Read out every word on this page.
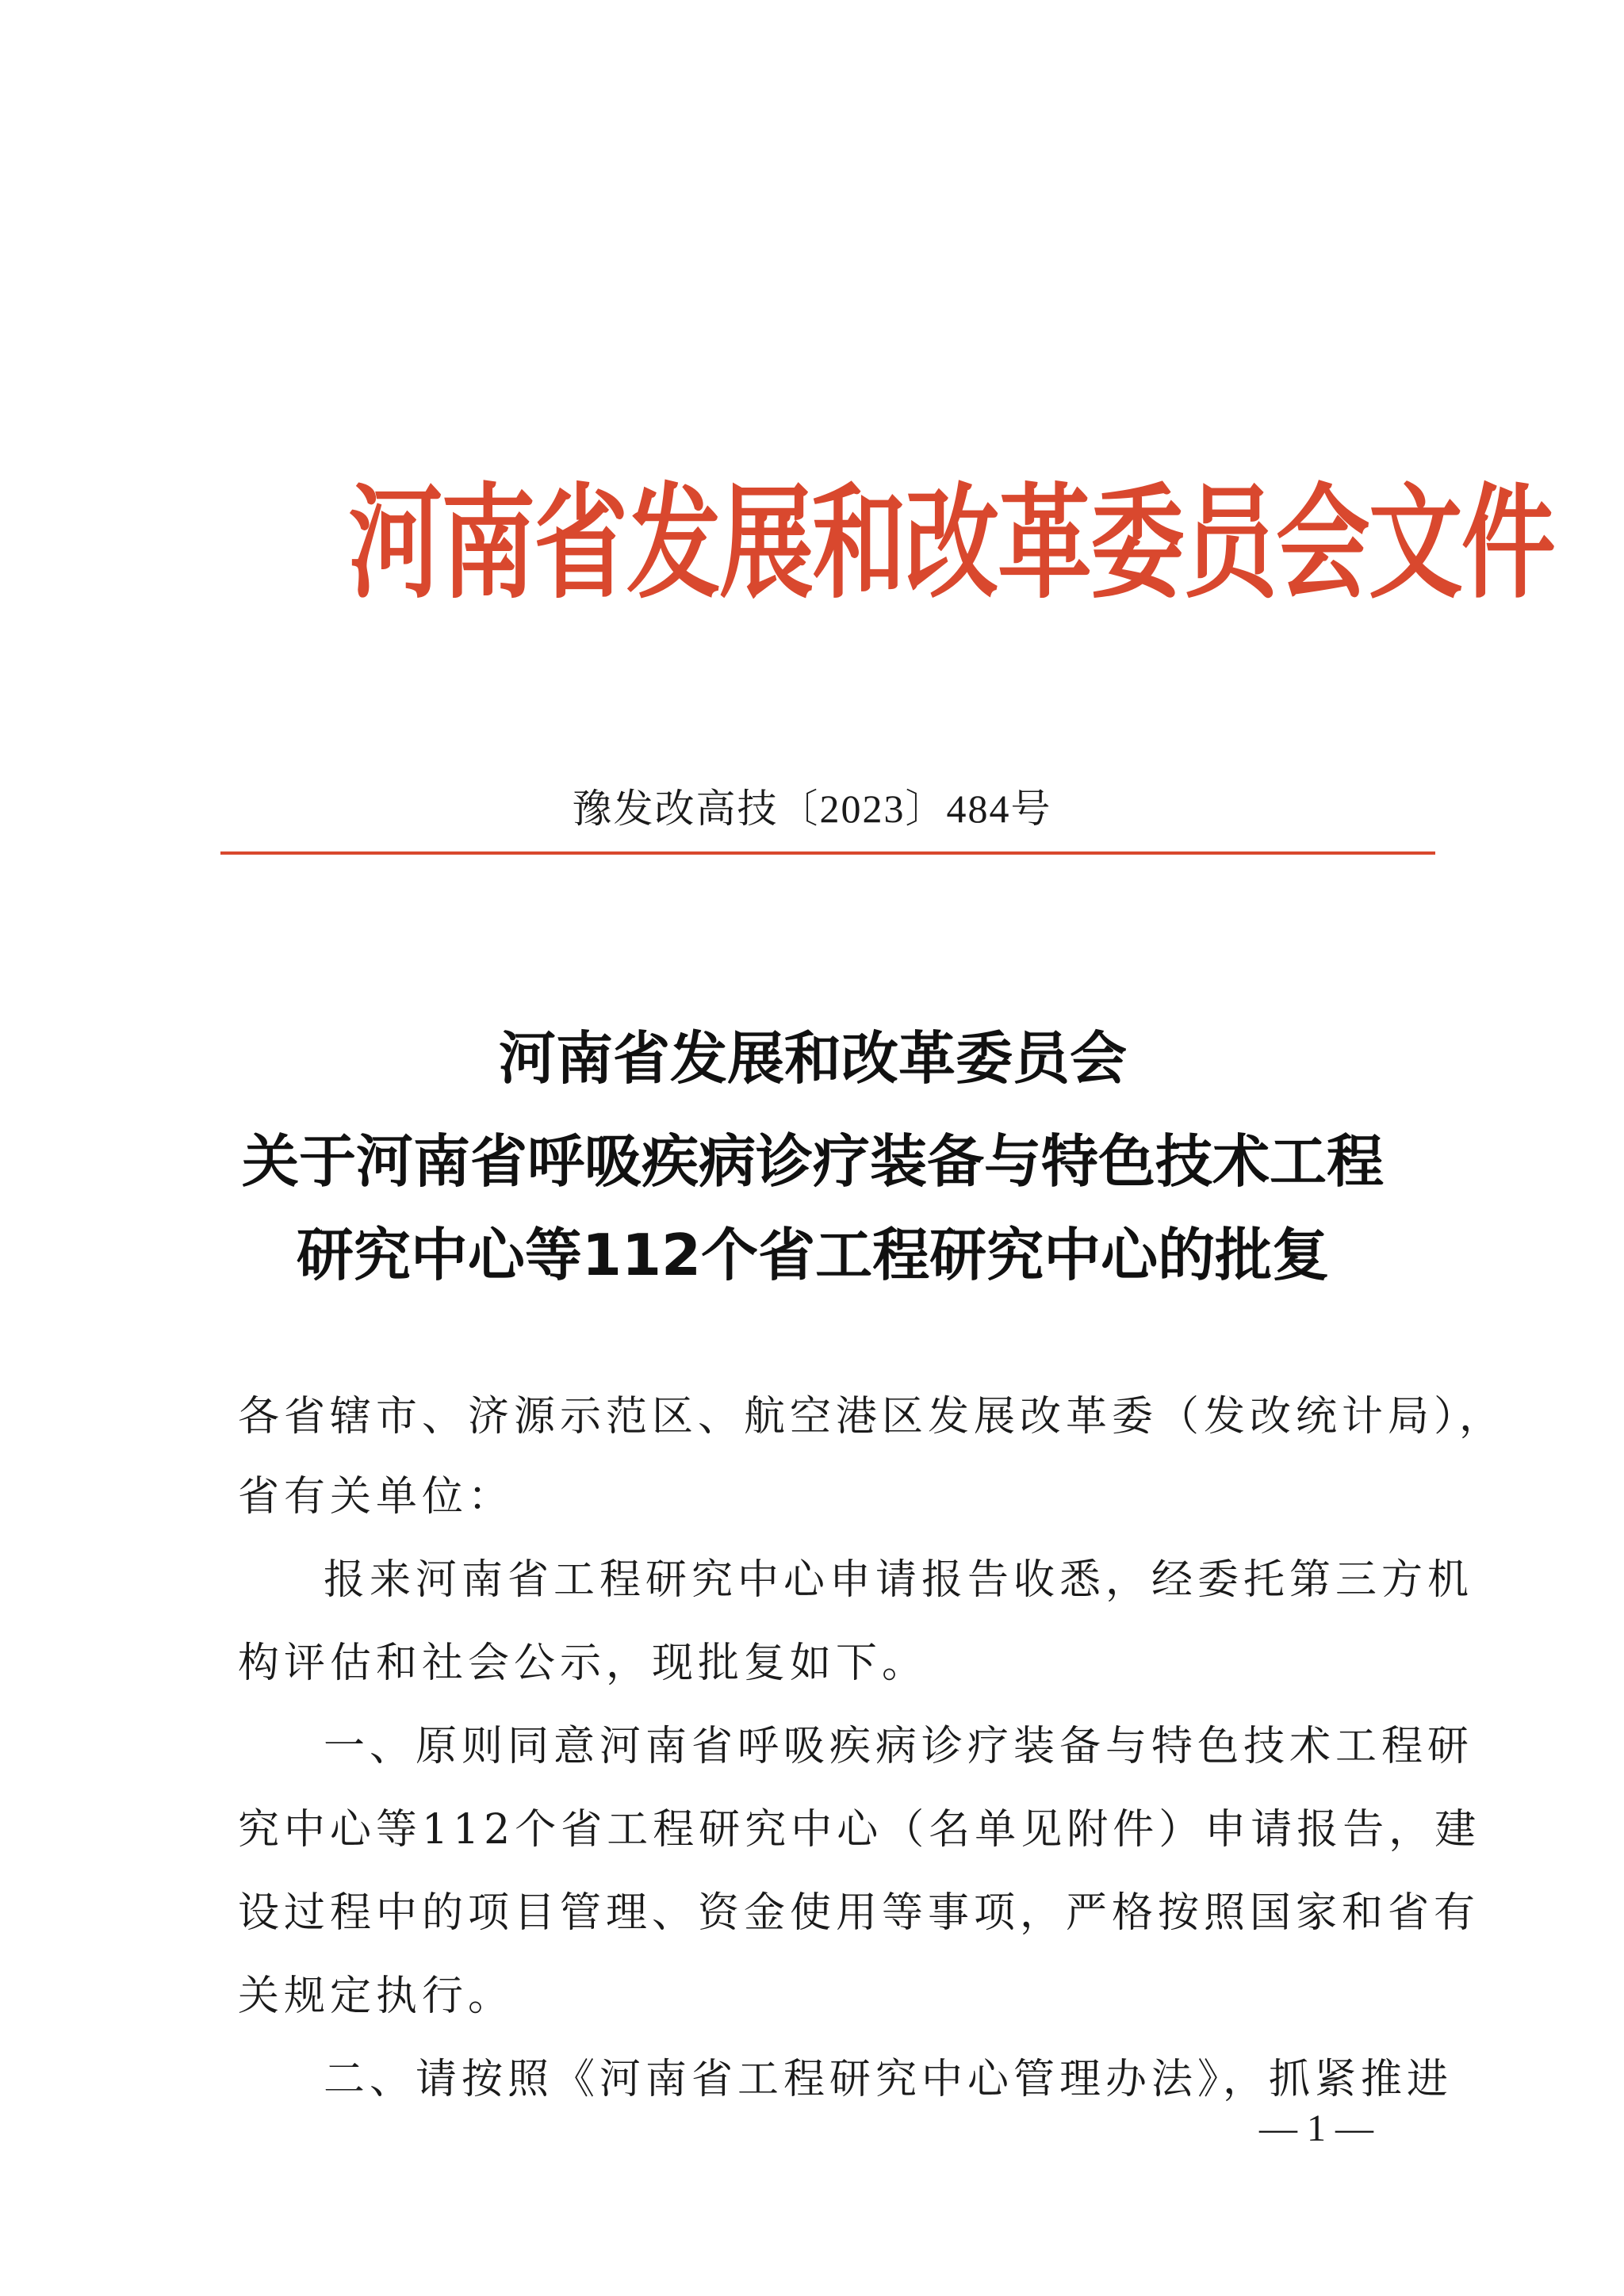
河南省发展和改革委员会文件
豫发改高技〔2023〕484号
河南省发展和改革委员会
关于河南省呼吸疾病诊疗装备与特色技术工程
研究中心等112个省工程研究中心的批复
各省辖市、济源示范区、航空港区发展改革委（发改统计局），
省有关单位：
报来河南省工程研究中心申请报告收悉，经委托第三方机
构评估和社会公示，现批复如下。
一、原则同意河南省呼吸疾病诊疗装备与特色技术工程研
究中心等112个省工程研究中心（名单见附件）申请报告，建
设过程中的项目管理、资金使用等事项，严格按照国家和省有
关规定执行。
二、请按照《河南省工程研究中心管理办法》，抓紧推进
— 1 —
